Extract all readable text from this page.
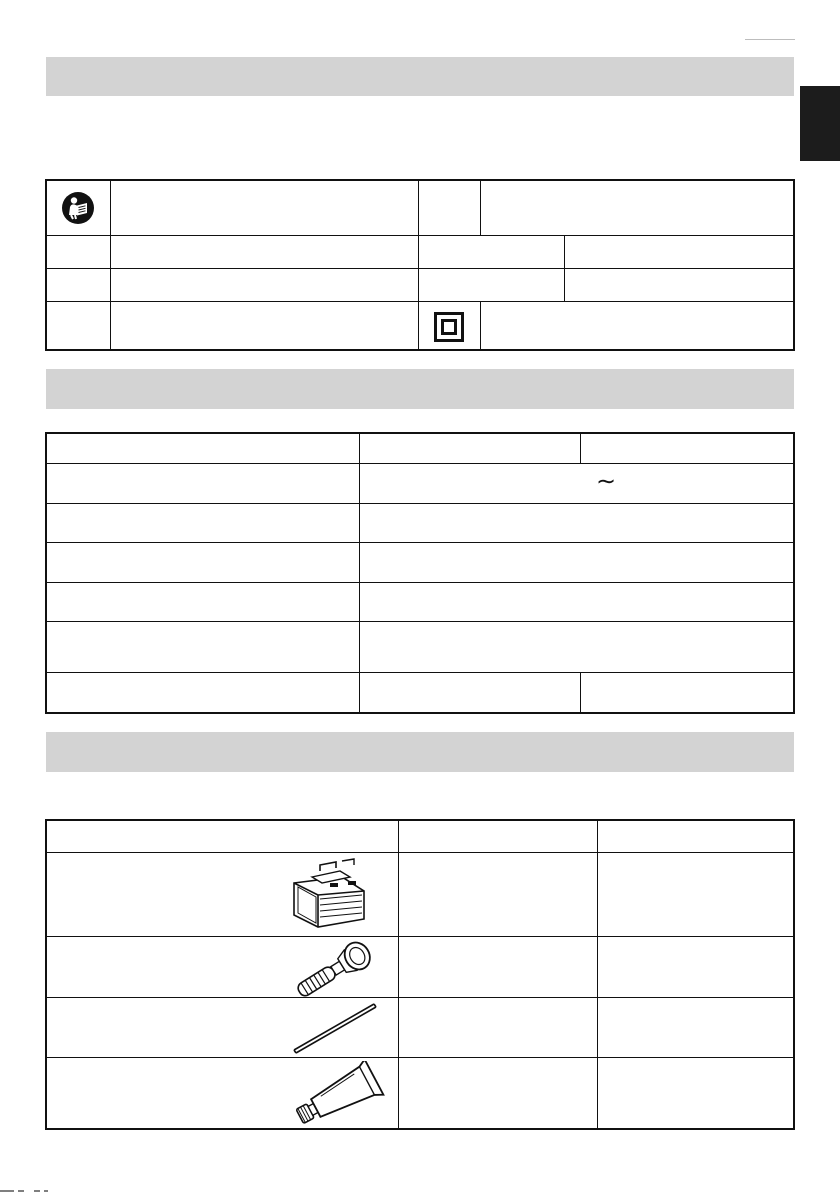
∼
